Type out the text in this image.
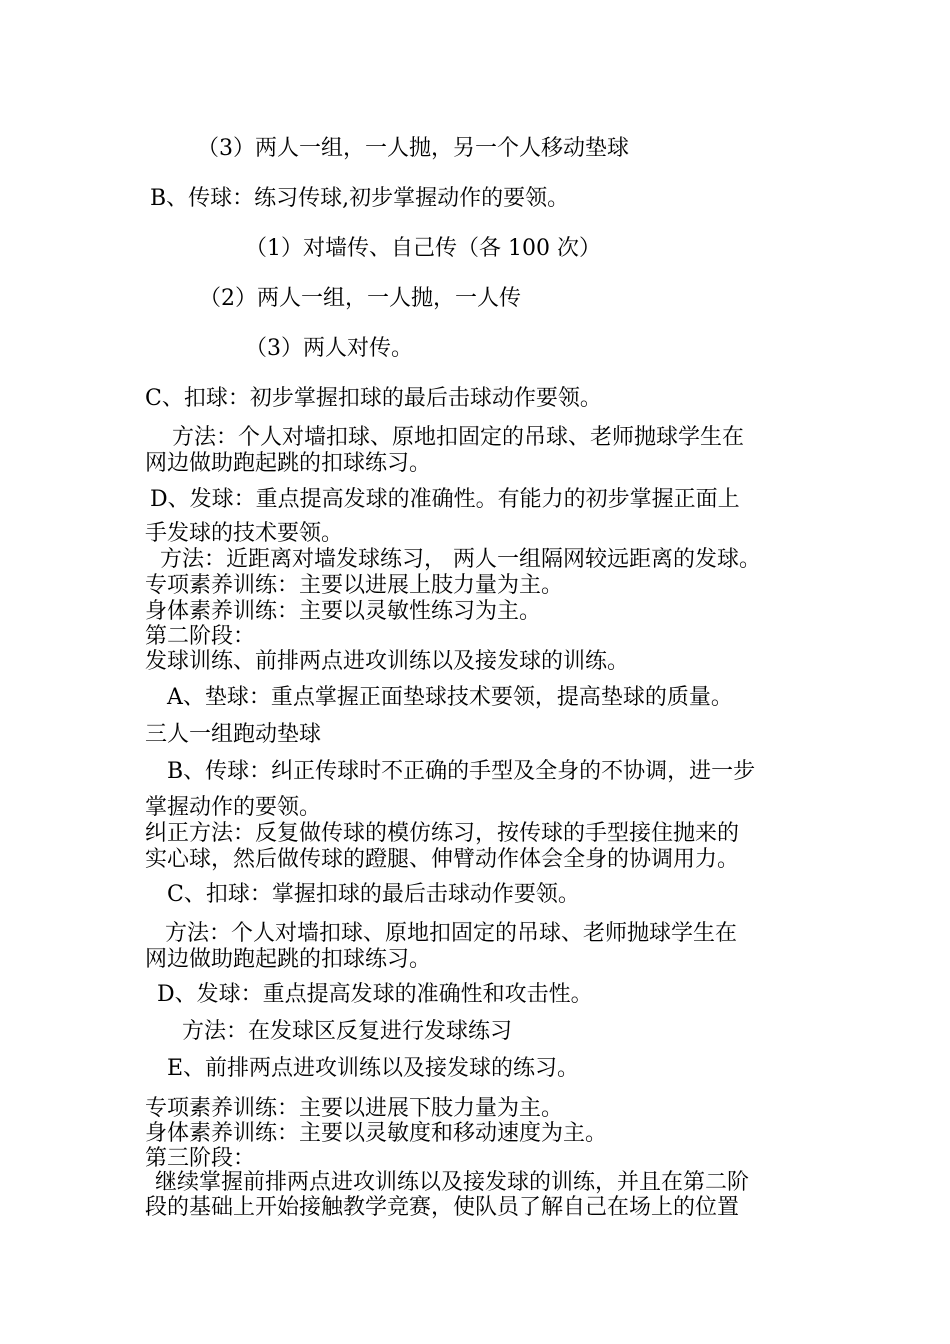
（3）两人一组，一人抛，另一个人移动垫球
B、传球：练习传球,初步掌握动作的要领。
（1）对墙传、自己传（各 100 次）
（2）两人一组，一人抛，一人传
（3）两人对传。
C、扣球：初步掌握扣球的最后击球动作要领。
方法：个人对墙扣球、原地扣固定的吊球、老师抛球学生在
网边做助跑起跳的扣球练习。
D、发球：重点提高发球的准确性。有能力的初步掌握正面上
手发球的技术要领。
方法：近距离对墙发球练习， 两人一组隔网较远距离的发球。
专项素养训练：主要以进展上肢力量为主。
身体素养训练：主要以灵敏性练习为主。
第二阶段：
发球训练、前排两点进攻训练以及接发球的训练。
A、垫球：重点掌握正面垫球技术要领，提高垫球的质量。
三人一组跑动垫球
B、传球：纠正传球时不正确的手型及全身的不协调，进一步
掌握动作的要领。
纠正方法：反复做传球的模仿练习，按传球的手型接住抛来的
实心球，然后做传球的蹬腿、伸臂动作体会全身的协调用力。
C、扣球：掌握扣球的最后击球动作要领。
方法：个人对墙扣球、原地扣固定的吊球、老师抛球学生在
网边做助跑起跳的扣球练习。
D、发球：重点提高发球的准确性和攻击性。
方法：在发球区反复进行发球练习
E、前排两点进攻训练以及接发球的练习。
专项素养训练：主要以进展下肢力量为主。
身体素养训练：主要以灵敏度和移动速度为主。
第三阶段：
继续掌握前排两点进攻训练以及接发球的训练，并且在第二阶
段的基础上开始接触教学竞赛，使队员了解自己在场上的位置
